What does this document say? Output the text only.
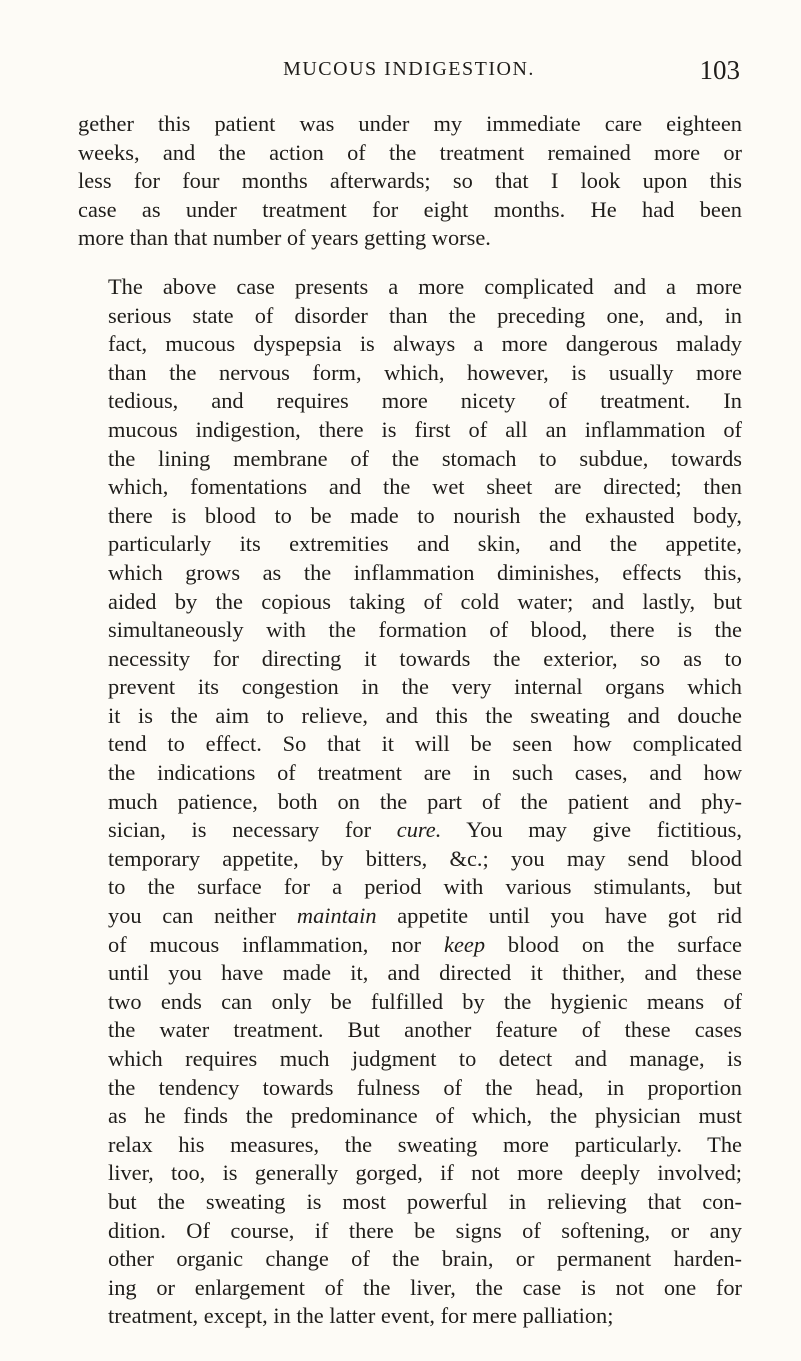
MUCOUS INDIGESTION.	103

gether this patient was under my immediate care eighteen
weeks, and the action of the treatment remained more or
less for four months afterwards; so that I look upon this
case as under treatment for eight months. He had been
more than that number of years getting worse.

The above case presents a more complicated and a more
serious state of disorder than the preceding one, and, in
fact, mucous dyspepsia is always a more dangerous malady
than the nervous form, which, however, is usually more
tedious, and requires more nicety of treatment. In
mucous indigestion, there is first of all an inflammation of
the lining membrane of the stomach to subdue, towards
which, fomentations and the wet sheet are directed; then
there is blood to be made to nourish the exhausted body,
particularly its extremities and skin, and the appetite,
which grows as the inflammation diminishes, effects this,
aided by the copious taking of cold water; and lastly, but
simultaneously with the formation of blood, there is the
necessity for directing it towards the exterior, so as to
prevent its congestion in the very internal organs which
it is the aim to relieve, and this the sweating and douche
tend to effect. So that it will be seen how complicated
the indications of treatment are in such cases, and how
much patience, both on the part of the patient and phy-
sician, is necessary for cure. You may give fictitious,
temporary appetite, by bitters, &c.; you may send blood
to the surface for a period with various stimulants, but
you can neither maintain appetite until you have got rid
of mucous inflammation, nor keep blood on the surface
until you have made it, and directed it thither, and these
two ends can only be fulfilled by the hygienic means of
the water treatment. But another feature of these cases
which requires much judgment to detect and manage, is
the tendency towards fulness of the head, in proportion
as he finds the predominance of which, the physician must
relax his measures, the sweating more particularly. The
liver, too, is generally gorged, if not more deeply involved;
but the sweating is most powerful in relieving that con-
dition. Of course, if there be signs of softening, or any
other organic change of the brain, or permanent harden-
ing or enlargement of the liver, the case is not one for
treatment, except, in the latter event, for mere palliation;
